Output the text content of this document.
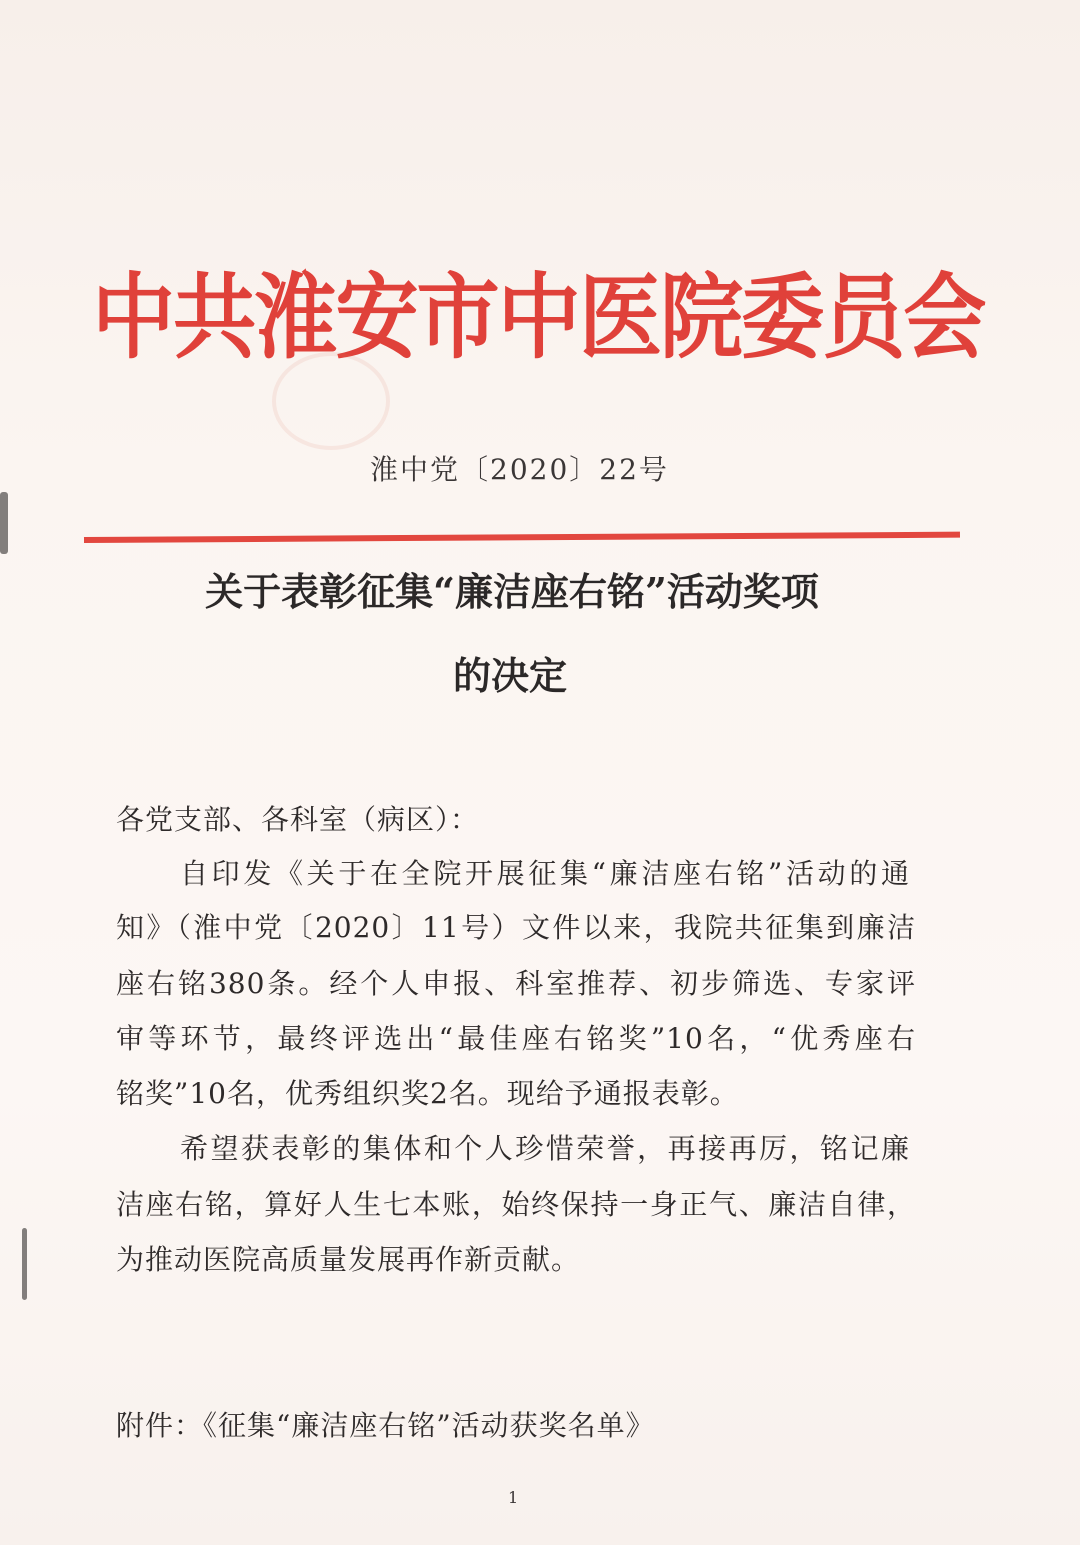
中共淮安市中医院委员会
淮中党〔2020〕22号
关于表彰征集“廉洁座右铭”活动奖项
的决定
各党支部、各科室（病区）：
自印发《关于在全院开展征集“廉洁座右铭”活动的通
知》（淮中党〔2020〕11号）文件以来，我院共征集到廉洁
座右铭380条。经个人申报、科室推荐、初步筛选、专家评
审等环节，最终评选出“最佳座右铭奖”10名，“优秀座右
铭奖”10名，优秀组织奖2名。现给予通报表彰。
希望获表彰的集体和个人珍惜荣誉，再接再厉，铭记廉
洁座右铭，算好人生七本账，始终保持一身正气、廉洁自律，
为推动医院高质量发展再作新贡献。
附件：《征集“廉洁座右铭”活动获奖名单》
1
